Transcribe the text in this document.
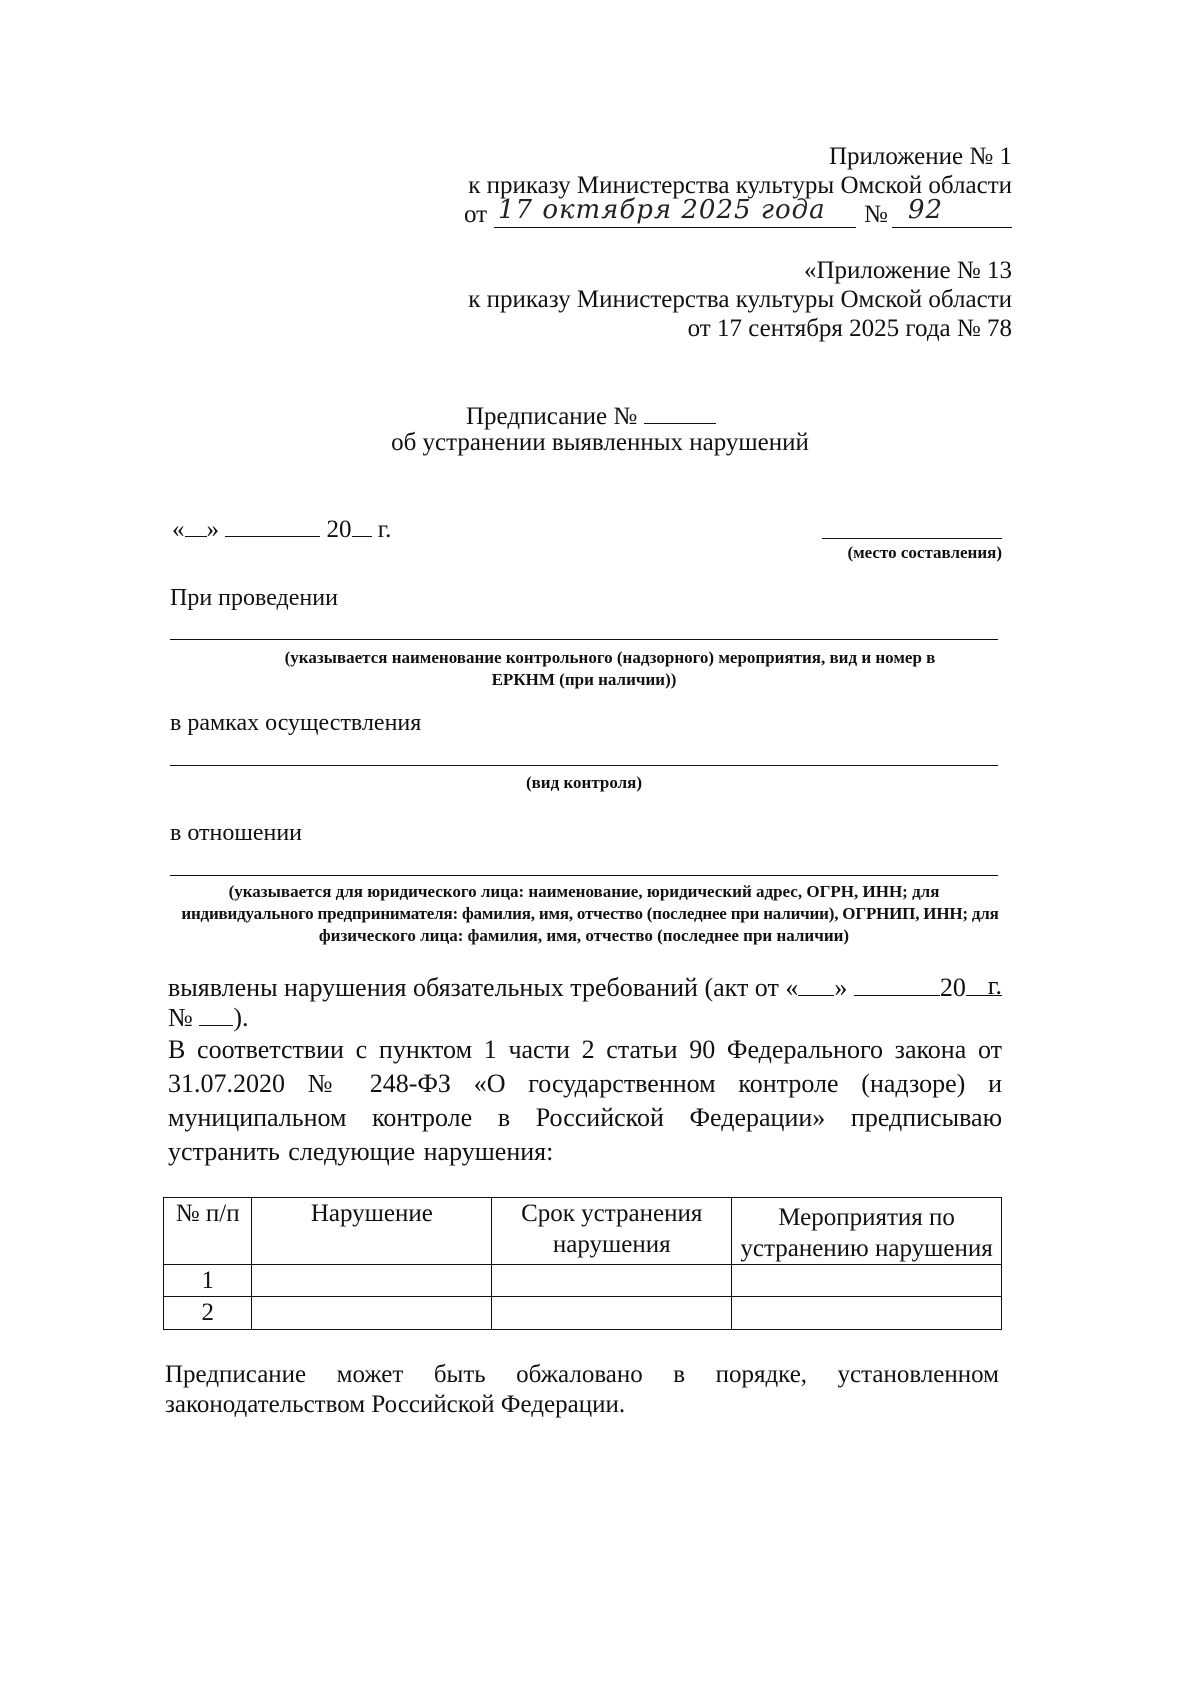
Приложение № 1
к приказу Министерства культуры Омской области
от 17 октября 2025 года № 92
«Приложение № 13
к приказу Министерства культуры Омской области
от 17 сентября 2025 года № 78
Предписание №
об устранении выявленных нарушений
« »	20 г.
(место составления)
При проведении
(указывается наименование контрольного (надзорного) мероприятия, вид и номер в
ЕРКНМ (при наличии))
в рамках осуществления
(вид контроля)
в отношении
(указывается для юридического лица: наименование, юридический адрес, ОГРН, ИНН; для
индивидуального предпринимателя: фамилия, имя, отчество (последнее при наличии), ОГРНИП, ИНН; для
физического лица: фамилия, имя, отчество (последнее при наличии)
выявлены нарушения обязательных требований (акт от « »	20 г.
№ ).
В соответствии с пунктом 1 части 2 статьи 90 Федерального закона от 31.07.2020 № 248-ФЗ «О государственном контроле (надзоре) и муниципальном контроле в Российской Федерации» предписываю устранить следующие нарушения:
№ п/п	Нарушение	Срок устранения нарушения	Мероприятия по устранению нарушения
1			
2			
Предписание может быть обжаловано в порядке, установленном законодательством Российской Федерации.
